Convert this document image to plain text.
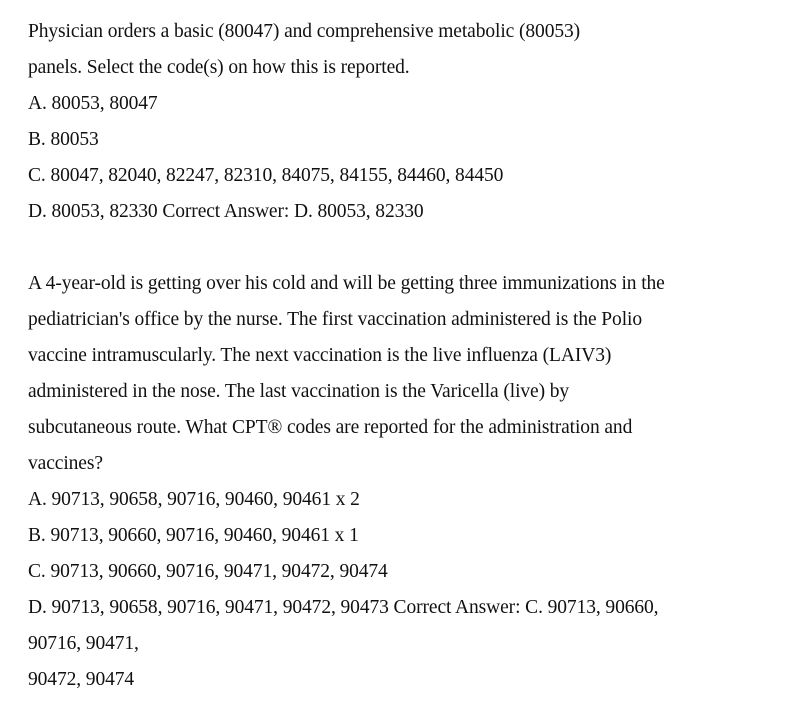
Physician orders a basic (80047) and comprehensive metabolic (80053)
panels. Select the code(s) on how this is reported.
A. 80053, 80047
B. 80053
C. 80047, 82040, 82247, 82310, 84075, 84155, 84460, 84450
D. 80053, 82330 Correct Answer: D. 80053, 82330
A 4-year-old is getting over his cold and will be getting three immunizations in the
pediatrician's office by the nurse. The first vaccination administered is the Polio
vaccine intramuscularly. The next vaccination is the live influenza (LAIV3)
administered in the nose. The last vaccination is the Varicella (live) by
subcutaneous route. What CPT® codes are reported for the administration and
vaccines?
A. 90713, 90658, 90716, 90460, 90461 x 2
B. 90713, 90660, 90716, 90460, 90461 x 1
C. 90713, 90660, 90716, 90471, 90472, 90474
D. 90713, 90658, 90716, 90471, 90472, 90473 Correct Answer: C. 90713, 90660,
90716, 90471,
90472, 90474
